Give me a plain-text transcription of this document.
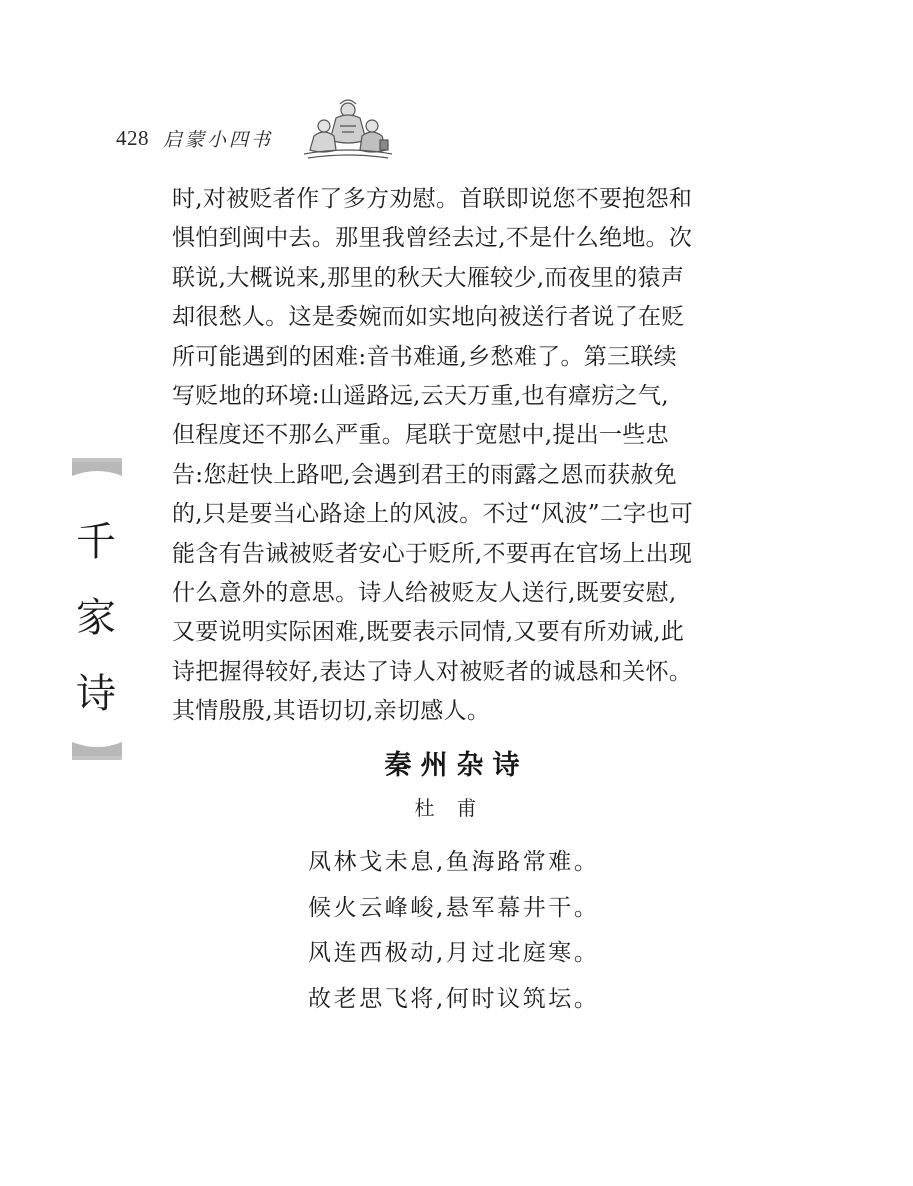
428 启蒙小四书
千
家
诗
时,对被贬者作了多方劝慰。首联即说您不要抱怨和
惧怕到闽中去。那里我曾经去过,不是什么绝地。次
联说,大概说来,那里的秋天大雁较少,而夜里的猿声
却很愁人。这是委婉而如实地向被送行者说了在贬
所可能遇到的困难:音书难通,乡愁难了。第三联续
写贬地的环境:山遥路远,云天万重,也有瘴疠之气,
但程度还不那么严重。尾联于宽慰中,提出一些忠
告:您赶快上路吧,会遇到君王的雨露之恩而获赦免
的,只是要当心路途上的风波。不过“风波”二字也可
能含有告诫被贬者安心于贬所,不要再在官场上出现
什么意外的意思。诗人给被贬友人送行,既要安慰,
又要说明实际困难,既要表示同情,又要有所劝诫,此
诗把握得较好,表达了诗人对被贬者的诚恳和关怀。
其情殷殷,其语切切,亲切感人。
秦州杂诗
杜甫
凤林戈未息,鱼海路常难。
候火云峰峻,悬军幕井干。
风连西极动,月过北庭寒。
故老思飞将,何时议筑坛。
